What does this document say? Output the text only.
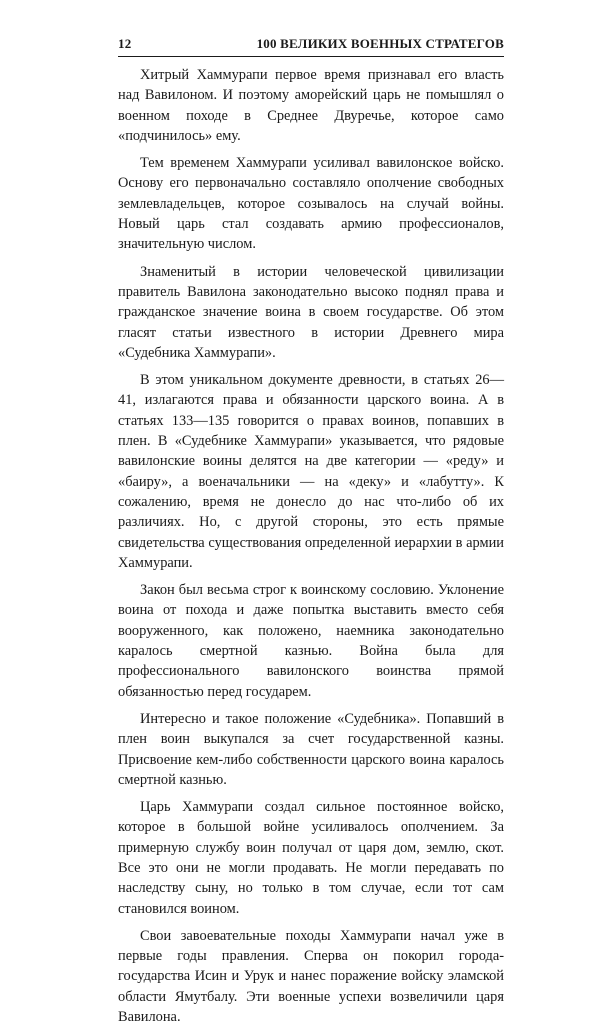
12	100 ВЕЛИКИХ ВОЕННЫХ СТРАТЕГОВ

Хитрый Хаммурапи первое время признавал его власть над Вавилоном. И поэтому аморейский царь не помышлял о военном походе в Среднее Двуречье, которое само «подчинилось» ему.

Тем временем Хаммурапи усиливал вавилонское войско. Основу его первоначально составляло ополчение свободных землевладельцев, которое созывалось на случай войны. Новый царь стал создавать армию профессионалов, значительную числом.

Знаменитый в истории человеческой цивилизации правитель Вавилона законодательно высоко поднял права и гражданское значение воина в своем государстве. Об этом гласят статьи известного в истории Древнего мира «Судебника Хаммурапи».

В этом уникальном документе древности, в статьях 26—41, излагаются права и обязанности царского воина. А в статьях 133—135 говорится о правах воинов, попавших в плен. В «Судебнике Хаммурапи» указывается, что рядовые вавилонские воины делятся на две категории — «реду» и «баиру», а военачальники — на «деку» и «лабутту». К сожалению, время не донесло до нас что-либо об их различиях. Но, с другой стороны, это есть прямые свидетельства существования определенной иерархии в армии Хаммурапи.

Закон был весьма строг к воинскому сословию. Уклонение воина от похода и даже попытка выставить вместо себя вооруженного, как положено, наемника законодательно каралось смертной казнью. Война была для профессионального вавилонского воинства прямой обязанностью перед государем.

Интересно и такое положение «Судебника». Попавший в плен воин выкупался за счет государственной казны. Присвоение кем-либо собственности царского воина каралось смертной казнью.

Царь Хаммурапи создал сильное постоянное войско, которое в большой войне усиливалось ополчением. За примерную службу воин получал от царя дом, землю, скот. Все это они не могли продавать. Не могли передавать по наследству сыну, но только в том случае, если тот сам становился воином.

Свои завоевательные походы Хаммурапи начал уже в первые годы правления. Сперва он покорил города-государства Исин и Урук и нанес поражение войску эламской области Ямутбалу. Эти военные успехи возвеличили царя Вавилона.
